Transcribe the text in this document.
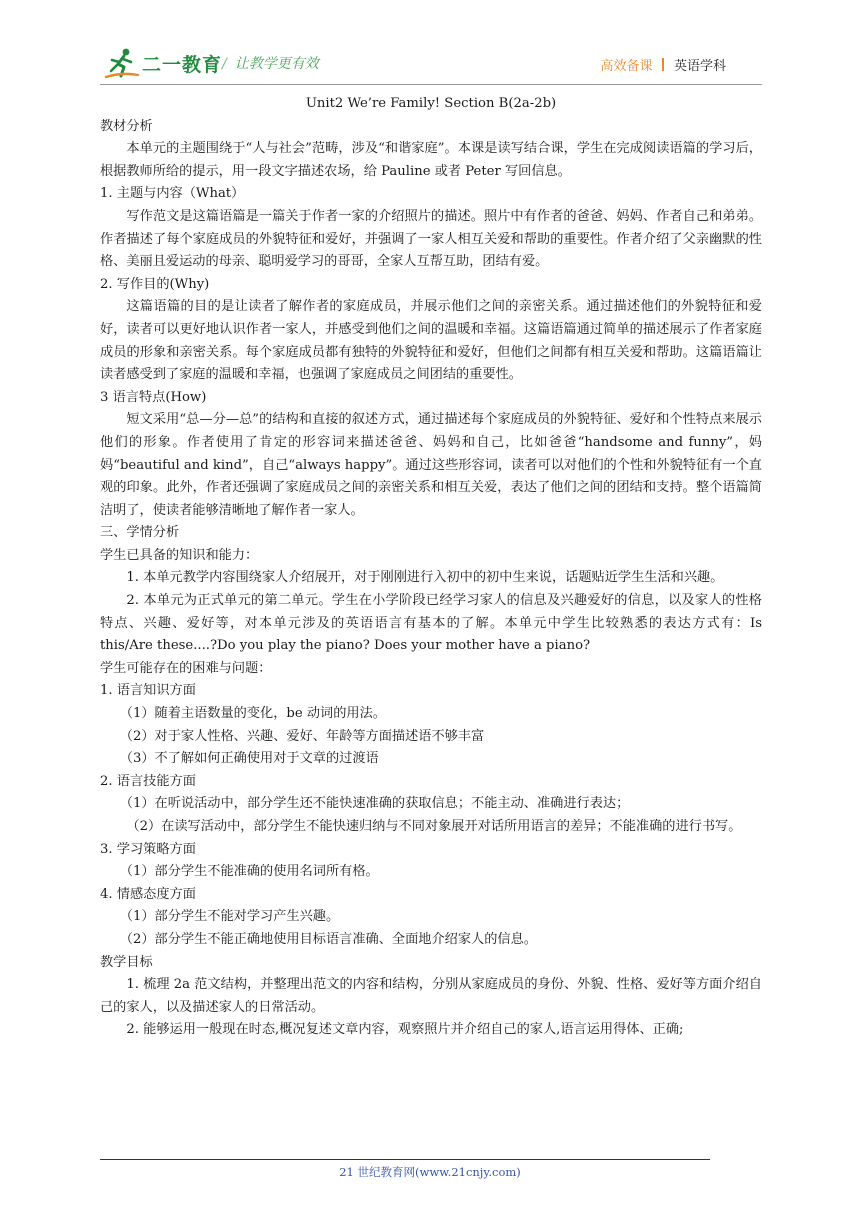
二一教育 / 让教学更有效	高效备课 英语学科

Unit2 We’re Family! Section B(2a-2b)

教材分析

本单元的主题围绕于“人与社会”范畴，涉及“和谐家庭”。本课是读写结合课，学生在完成阅读语篇的学习后，根据教师所给的提示，用一段文字描述农场，给 Pauline 或者 Peter 写回信息。

1. 主题与内容（What）

写作范文是这篇语篇是一篇关于作者一家的介绍照片的描述。照片中有作者的爸爸、妈妈、作者自己和弟弟。作者描述了每个家庭成员的外貌特征和爱好，并强调了一家人相互关爱和帮助的重要性。作者介绍了父亲幽默的性格、美丽且爱运动的母亲、聪明爱学习的哥哥，全家人互帮互助，团结有爱。

2. 写作目的(Why)

这篇语篇的目的是让读者了解作者的家庭成员，并展示他们之间的亲密关系。通过描述他们的外貌特征和爱好，读者可以更好地认识作者一家人，并感受到他们之间的温暖和幸福。这篇语篇通过简单的描述展示了作者家庭成员的形象和亲密关系。每个家庭成员都有独特的外貌特征和爱好，但他们之间都有相互关爱和帮助。这篇语篇让读者感受到了家庭的温暖和幸福，也强调了家庭成员之间团结的重要性。

3 语言特点(How)

短文采用“总—分—总”的结构和直接的叙述方式，通过描述每个家庭成员的外貌特征、爱好和个性特点来展示他们的形象。作者使用了肯定的形容词来描述爸爸、妈妈和自己，比如爸爸“handsome and funny”，妈妈“beautiful and kind”，自己“always happy”。通过这些形容词，读者可以对他们的个性和外貌特征有一个直观的印象。此外，作者还强调了家庭成员之间的亲密关系和相互关爱，表达了他们之间的团结和支持。整个语篇简洁明了，使读者能够清晰地了解作者一家人。

三、学情分析

学生已具备的知识和能力：

1. 本单元教学内容围绕家人介绍展开，对于刚刚进行入初中的初中生来说，话题贴近学生生活和兴趣。

2. 本单元为正式单元的第二单元。学生在小学阶段已经学习家人的信息及兴趣爱好的信息，以及家人的性格特点、兴趣、爱好等，对本单元涉及的英语语言有基本的了解。本单元中学生比较熟悉的表达方式有：Is this/Are these....?Do you play the piano? Does your mother have a piano?

学生可能存在的困难与问题：

1. 语言知识方面

（1）随着主语数量的变化，be 动词的用法。

（2）对于家人性格、兴趣、爱好、年龄等方面描述语不够丰富

（3）不了解如何正确使用对于文章的过渡语

2. 语言技能方面

（1）在听说活动中，部分学生还不能快速准确的获取信息；不能主动、准确进行表达；

（2）在读写活动中，部分学生不能快速归纳与不同对象展开对话所用语言的差异；不能准确的进行书写。

3. 学习策略方面

（1）部分学生不能准确的使用名词所有格。

4. 情感态度方面

（1）部分学生不能对学习产生兴趣。

（2）部分学生不能正确地使用目标语言准确、全面地介绍家人的信息。

教学目标

1. 梳理 2a 范文结构，并整理出范文的内容和结构，分别从家庭成员的身份、外貌、性格、爱好等方面介绍自己的家人，以及描述家人的日常活动。

2. 能够运用一般现在时态,概况复述文章内容，观察照片并介绍自己的家人,语言运用得体、正确;

21 世纪教育网(www.21cnjy.com)
